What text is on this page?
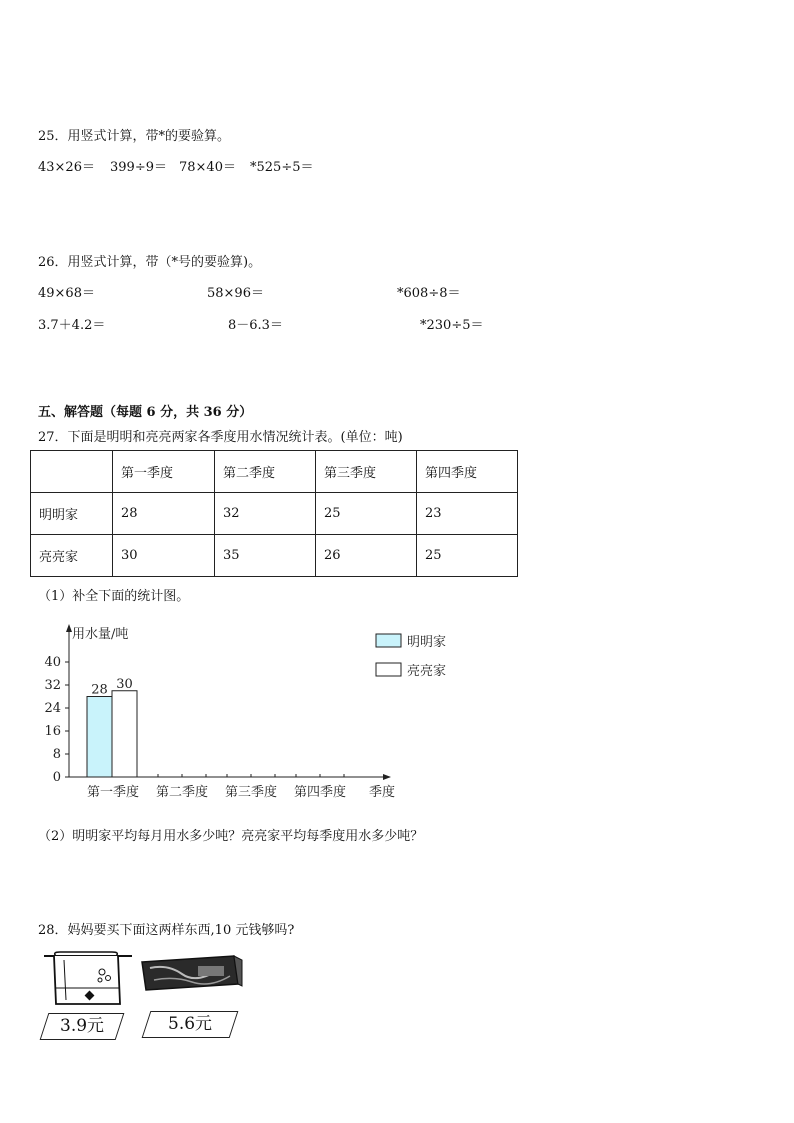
25．用竖式计算，带*的要验算。
43×26＝ 399÷9＝ 78×40＝ *525÷5＝
26．用竖式计算，带（*号的要验算)。
49×68＝	58×96＝	*608÷8＝
3.7＋4.2＝	8－6.3＝	*230÷5＝
五、解答题（每题 6 分，共 36 分）
27．下面是明明和亮亮两家各季度用水情况统计表。(单位：吨)
	第一季度	第二季度	第三季度	第四季度
明明家	28	32	25	23
亮亮家	30	35	26	25
（1）补全下面的统计图。
用水量/吨
0
8
16
24
32
40
第一季度 第二季度 第三季度 第四季度 季度
28 30
明明家
亮亮家
（2）明明家平均每月用水多少吨？亮亮家平均每季度用水多少吨？
28．妈妈要买下面这两样东西,10 元钱够吗?
3.9元	5.6元
